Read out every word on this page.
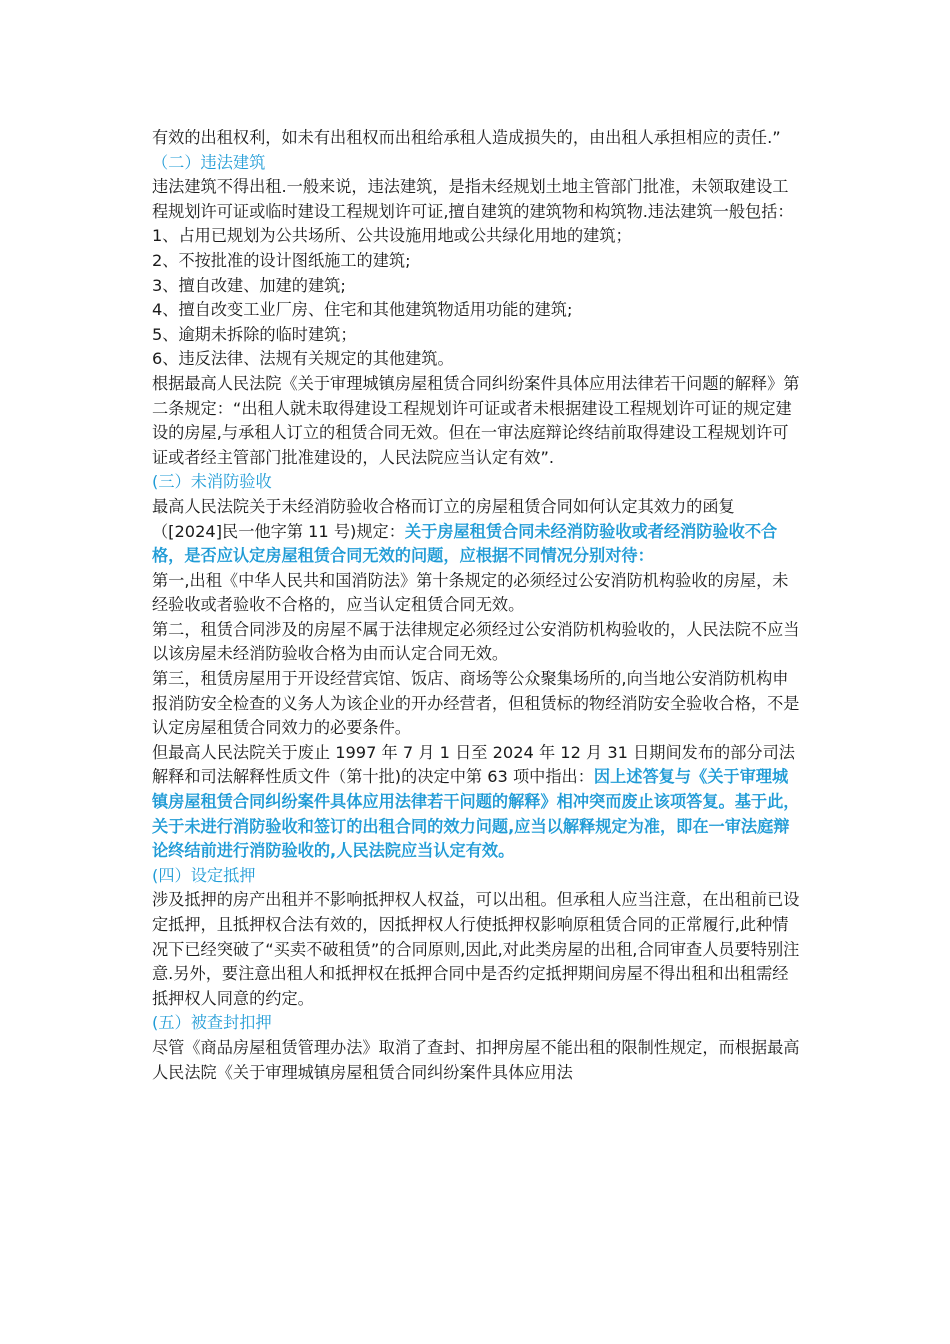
有效的出租权利，如未有出租权而出租给承租人造成损失的，由出租人承担相应的责任.”

（二）违法建筑

违法建筑不得出租.一般来说，违法建筑，是指未经规划土地主管部门批准，未领取建设工程规划许可证或临时建设工程规划许可证,擅自建筑的建筑物和构筑物.违法建筑一般包括：

1、占用已规划为公共场所、公共设施用地或公共绿化用地的建筑；

2、不按批准的设计图纸施工的建筑;

3、擅自改建、加建的建筑;

4、擅自改变工业厂房、住宅和其他建筑物适用功能的建筑;

5、逾期未拆除的临时建筑；

6、违反法律、法规有关规定的其他建筑。

根据最高人民法院《关于审理城镇房屋租赁合同纠纷案件具体应用法律若干问题的解释》第二条规定：“出租人就未取得建设工程规划许可证或者未根据建设工程规划许可证的规定建设的房屋,与承租人订立的租赁合同无效。但在一审法庭辩论终结前取得建设工程规划许可证或者经主管部门批准建设的，人民法院应当认定有效”.

(三）未消防验收

最高人民法院关于未经消防验收合格而订立的房屋租赁合同如何认定其效力的函复（[2024]民一他字第 11 号)规定：关于房屋租赁合同未经消防验收或者经消防验收不合格，是否应认定房屋租赁合同无效的问题，应根据不同情况分别对待：

第一,出租《中华人民共和国消防法》第十条规定的必须经过公安消防机构验收的房屋，未经验收或者验收不合格的，应当认定租赁合同无效。

第二，租赁合同涉及的房屋不属于法律规定必须经过公安消防机构验收的，人民法院不应当以该房屋未经消防验收合格为由而认定合同无效。

第三，租赁房屋用于开设经营宾馆、饭店、商场等公众聚集场所的,向当地公安消防机构申报消防安全检查的义务人为该企业的开办经营者，但租赁标的物经消防安全验收合格，不是认定房屋租赁合同效力的必要条件。

但最高人民法院关于废止 1997 年 7 月 1 日至 2024 年 12 月 31 日期间发布的部分司法解释和司法解释性质文件（第十批)的决定中第 63 项中指出：因上述答复与《关于审理城镇房屋租赁合同纠纷案件具体应用法律若干问题的解释》相冲突而废止该项答复。基于此，关于未进行消防验收和签订的出租合同的效力问题,应当以解释规定为准，即在一审法庭辩论终结前进行消防验收的,人民法院应当认定有效。

(四）设定抵押

涉及抵押的房产出租并不影响抵押权人权益，可以出租。但承租人应当注意，在出租前已设定抵押，且抵押权合法有效的，因抵押权人行使抵押权影响原租赁合同的正常履行,此种情况下已经突破了“买卖不破租赁”的合同原则,因此,对此类房屋的出租,合同审查人员要特别注意.另外，要注意出租人和抵押权在抵押合同中是否约定抵押期间房屋不得出租和出租需经抵押权人同意的约定。

(五）被查封扣押

尽管《商品房屋租赁管理办法》取消了查封、扣押房屋不能出租的限制性规定，而根据最高人民法院《关于审理城镇房屋租赁合同纠纷案件具体应用法
